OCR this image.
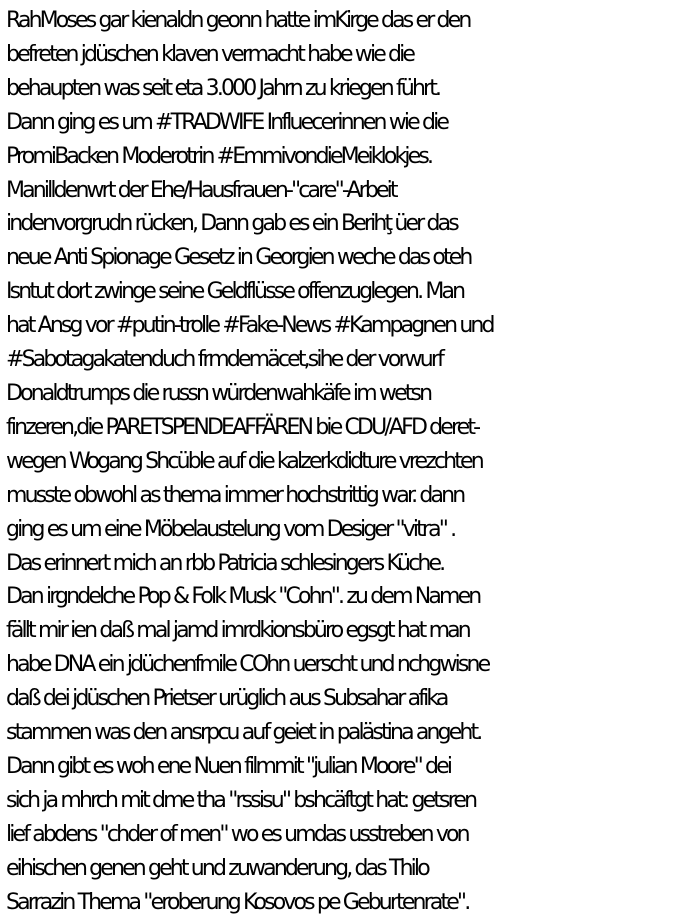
RahMoses gar kienaldn geonn hatte imKirge das er den
befreten jdüschen klaven vermacht habe wie die
behaupten was seit eta 3.000 Jahrn zu kriegen führt.
Dann ging es um #TRADWIFE Influecerinnen wie die
PromiBacken Moderotrin #EmmivondieMeiklokjes.
Manilldenwrt der Ehe/Hausfrauen-"care"-Arbeit
indenvorgrudn rücken, Dann gab es ein Berihţ üer das
neue Anti Spionage Gesetz in Georgien weche das oteh
Isntut dort zwinge seine Geldflüsse offenzuglegen. Man
hat Ansg vor #putin-trolle #Fake-News #Kampagnen und
#Sabotagakatenduch frmdemäcet,sihe der vorwurf
Donaldtrumps die russn würdenwahkäfe im wetsn
finzeren,die PARETSPENDEAFFÄREN bie CDU/AFD deret-
wegen Wogang Shcüble auf die kalzerkdidture vrezchten
musste obwohl as thema immer hochstrittig war. dann
ging es um eine Möbelaustelung vom Desiger "vitra" .
Das erinnert mich an rbb Patricia schlesingers Küche.
Dan irgndelche Pop & Folk Musk "Cohn". zu dem Namen
fällt mir ien daß mal jamd imrdkionsbüro egsgt hat man
habe DNA ein jdüchenfmile COhn uerscht und nchgwisne
daß dei jdüschen Prietser urüglich aus Subsahar afika
stammen was den ansrpcu auf geiet in palästina angeht.
Dann gibt es woh ene Nuen filmmit "julian Moore" dei
sich ja mhrch mit dme tha "rssisu" bshcäftgt hat: getsren
lief abdens "chder of men" wo es umdas usstreben von
eihischen genen geht und zuwanderung, das Thilo
Sarrazin Thema "eroberung Kosovos pe Geburtenrate".
